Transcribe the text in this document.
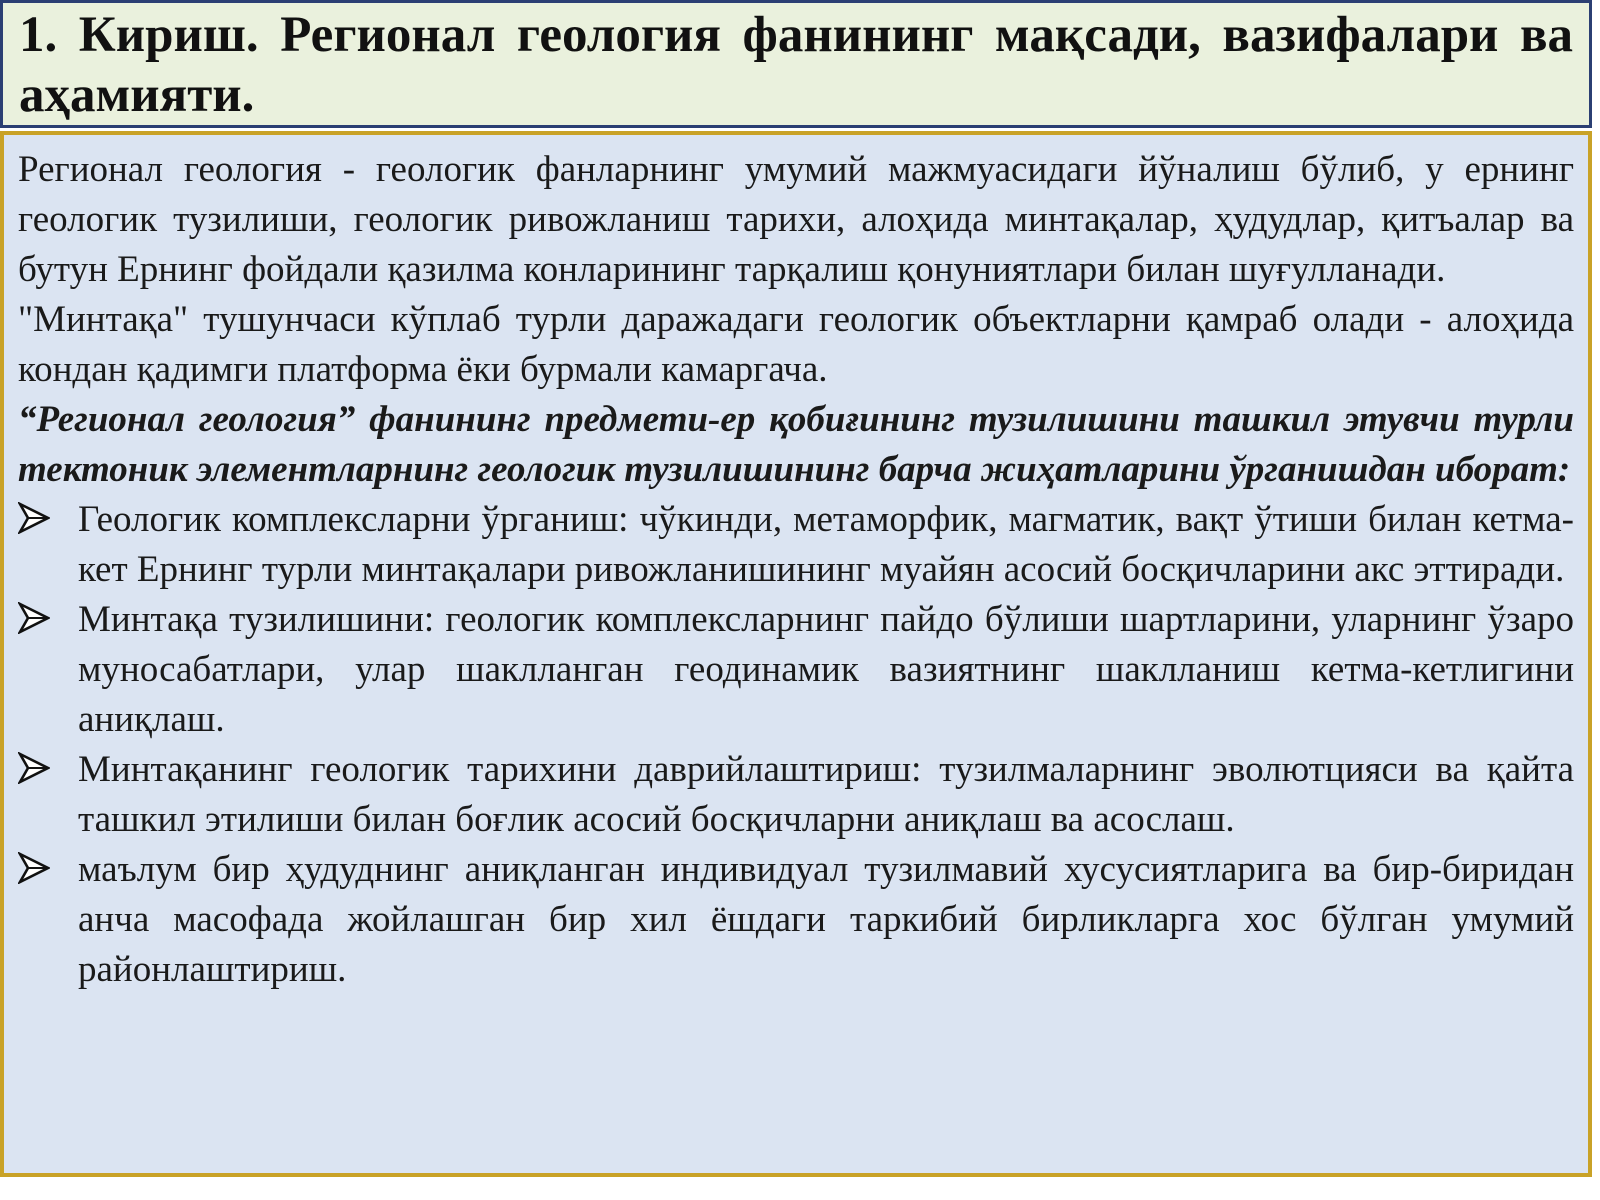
1. Кириш. Регионал геология фанининг мақсади, вазифалари ва аҳамияти.

Регионал геология - геологик фанларнинг умумий мажмуасидаги йўналиш бўлиб, у ернинг геологик тузилиши, геологик ривожланиш тарихи, алоҳида минтақалар, ҳудудлар, қитъалар ва бутун Ернинг фойдали қазилма конларининг тарқалиш қонуниятлари билан шуғулланади.

"Минтақа" тушунчаси кўплаб турли даражадаги геологик объектларни қамраб олади - алоҳида кондан қадимги платформа ёки бурмали камаргача.

“Регионал геология” фанининг предмети-ер қобиғининг тузилишини ташкил этувчи турли тектоник элементларнинг геологик тузилишининг барча жиҳатларини ўрганишдан иборат:

Геологик комплексларни ўрганиш: чўкинди, метаморфик, магматик, вақт ўтиши билан кетма-кет Ернинг турли минтақалари ривожланишининг муайян асосий босқичларини акс эттиради.
Минтақа тузилишини: геологик комплексларнинг пайдо бўлиши шартларини, уларнинг ўзаро муносабатлари, улар шаклланган геодинамик вазиятнинг шаклланиш кетма-кетлигини аниқлаш.
Минтақанинг геологик тарихини даврийлаштириш: тузилмаларнинг эволютцияси ва қайта ташкил этилиши билан боғлик асосий босқичларни аниқлаш ва асослаш.
маълум бир ҳудуднинг аниқланган индивидуал тузилмавий хусусиятларига ва бир-биридан анча масофада жойлашган бир хил ёшдаги таркибий бирликларга хос бўлган умумий районлаштириш.
